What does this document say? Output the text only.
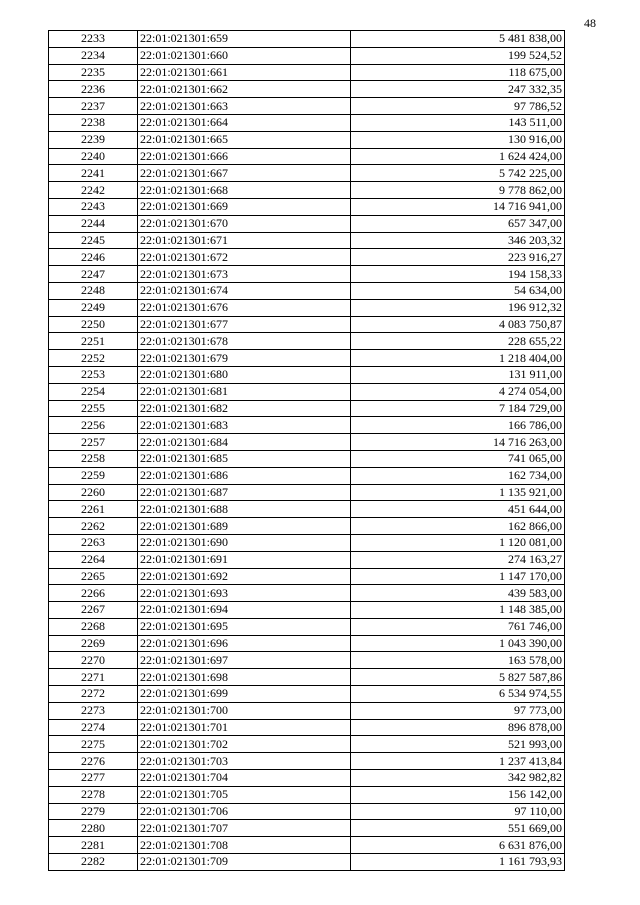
48
2233	22:01:021301:659	5 481 838,00
2234	22:01:021301:660	199 524,52
2235	22:01:021301:661	118 675,00
2236	22:01:021301:662	247 332,35
2237	22:01:021301:663	97 786,52
2238	22:01:021301:664	143 511,00
2239	22:01:021301:665	130 916,00
2240	22:01:021301:666	1 624 424,00
2241	22:01:021301:667	5 742 225,00
2242	22:01:021301:668	9 778 862,00
2243	22:01:021301:669	14 716 941,00
2244	22:01:021301:670	657 347,00
2245	22:01:021301:671	346 203,32
2246	22:01:021301:672	223 916,27
2247	22:01:021301:673	194 158,33
2248	22:01:021301:674	54 634,00
2249	22:01:021301:676	196 912,32
2250	22:01:021301:677	4 083 750,87
2251	22:01:021301:678	228 655,22
2252	22:01:021301:679	1 218 404,00
2253	22:01:021301:680	131 911,00
2254	22:01:021301:681	4 274 054,00
2255	22:01:021301:682	7 184 729,00
2256	22:01:021301:683	166 786,00
2257	22:01:021301:684	14 716 263,00
2258	22:01:021301:685	741 065,00
2259	22:01:021301:686	162 734,00
2260	22:01:021301:687	1 135 921,00
2261	22:01:021301:688	451 644,00
2262	22:01:021301:689	162 866,00
2263	22:01:021301:690	1 120 081,00
2264	22:01:021301:691	274 163,27
2265	22:01:021301:692	1 147 170,00
2266	22:01:021301:693	439 583,00
2267	22:01:021301:694	1 148 385,00
2268	22:01:021301:695	761 746,00
2269	22:01:021301:696	1 043 390,00
2270	22:01:021301:697	163 578,00
2271	22:01:021301:698	5 827 587,86
2272	22:01:021301:699	6 534 974,55
2273	22:01:021301:700	97 773,00
2274	22:01:021301:701	896 878,00
2275	22:01:021301:702	521 993,00
2276	22:01:021301:703	1 237 413,84
2277	22:01:021301:704	342 982,82
2278	22:01:021301:705	156 142,00
2279	22:01:021301:706	97 110,00
2280	22:01:021301:707	551 669,00
2281	22:01:021301:708	6 631 876,00
2282	22:01:021301:709	1 161 793,93
